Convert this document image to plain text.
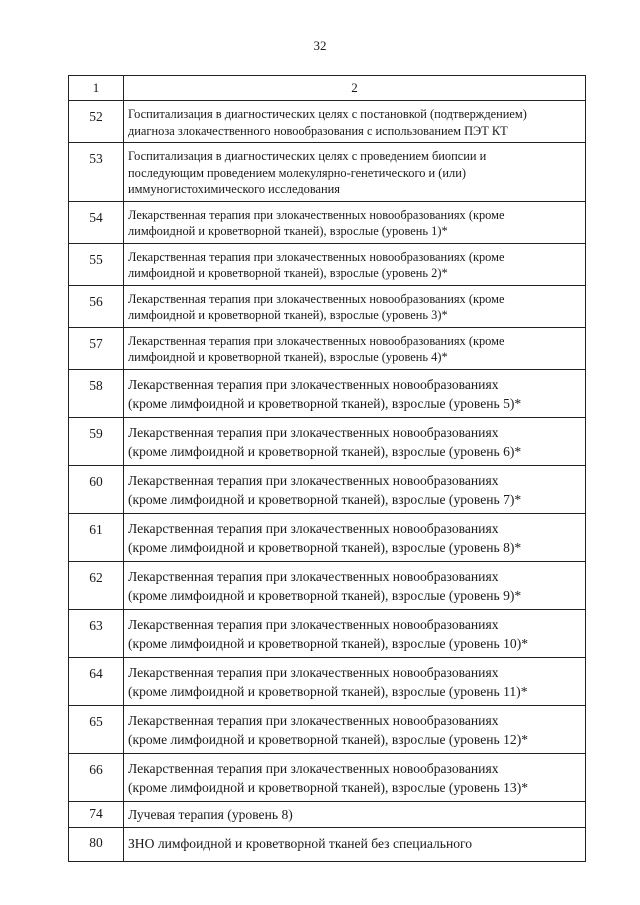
32
1	2
52	Госпитализация в диагностических целях с постановкой (подтверждением)
диагноза злокачественного новообразования с использованием ПЭТ КТ

53	Госпитализация в диагностических целях с проведением биопсии и
последующим проведением молекулярно-генетического и (или)
иммуногистохимического исследования

54	Лекарственная терапия при злокачественных новообразованиях (кроме
лимфоидной и кроветворной тканей), взрослые (уровень 1)*

55	Лекарственная терапия при злокачественных новообразованиях (кроме
лимфоидной и кроветворной тканей), взрослые (уровень 2)*

56	Лекарственная терапия при злокачественных новообразованиях (кроме
лимфоидной и кроветворной тканей), взрослые (уровень 3)*

57	Лекарственная терапия при злокачественных новообразованиях (кроме
лимфоидной и кроветворной тканей), взрослые (уровень 4)*

58	Лекарственная терапия при злокачественных новообразованиях
(кроме лимфоидной и кроветворной тканей), взрослые (уровень 5)*

59	Лекарственная терапия при злокачественных новообразованиях
(кроме лимфоидной и кроветворной тканей), взрослые (уровень 6)*

60	Лекарственная терапия при злокачественных новообразованиях
(кроме лимфоидной и кроветворной тканей), взрослые (уровень 7)*

61	Лекарственная терапия при злокачественных новообразованиях
(кроме лимфоидной и кроветворной тканей), взрослые (уровень 8)*

62	Лекарственная терапия при злокачественных новообразованиях
(кроме лимфоидной и кроветворной тканей), взрослые (уровень 9)*

63	Лекарственная терапия при злокачественных новообразованиях
(кроме лимфоидной и кроветворной тканей), взрослые (уровень 10)*

64	Лекарственная терапия при злокачественных новообразованиях
(кроме лимфоидной и кроветворной тканей), взрослые (уровень 11)*

65	Лекарственная терапия при злокачественных новообразованиях
(кроме лимфоидной и кроветворной тканей), взрослые (уровень 12)*

66	Лекарственная терапия при злокачественных новообразованиях
(кроме лимфоидной и кроветворной тканей), взрослые (уровень 13)*

74	Лучевая терапия (уровень 8)

80	ЗНО лимфоидной и кроветворной тканей без специального
